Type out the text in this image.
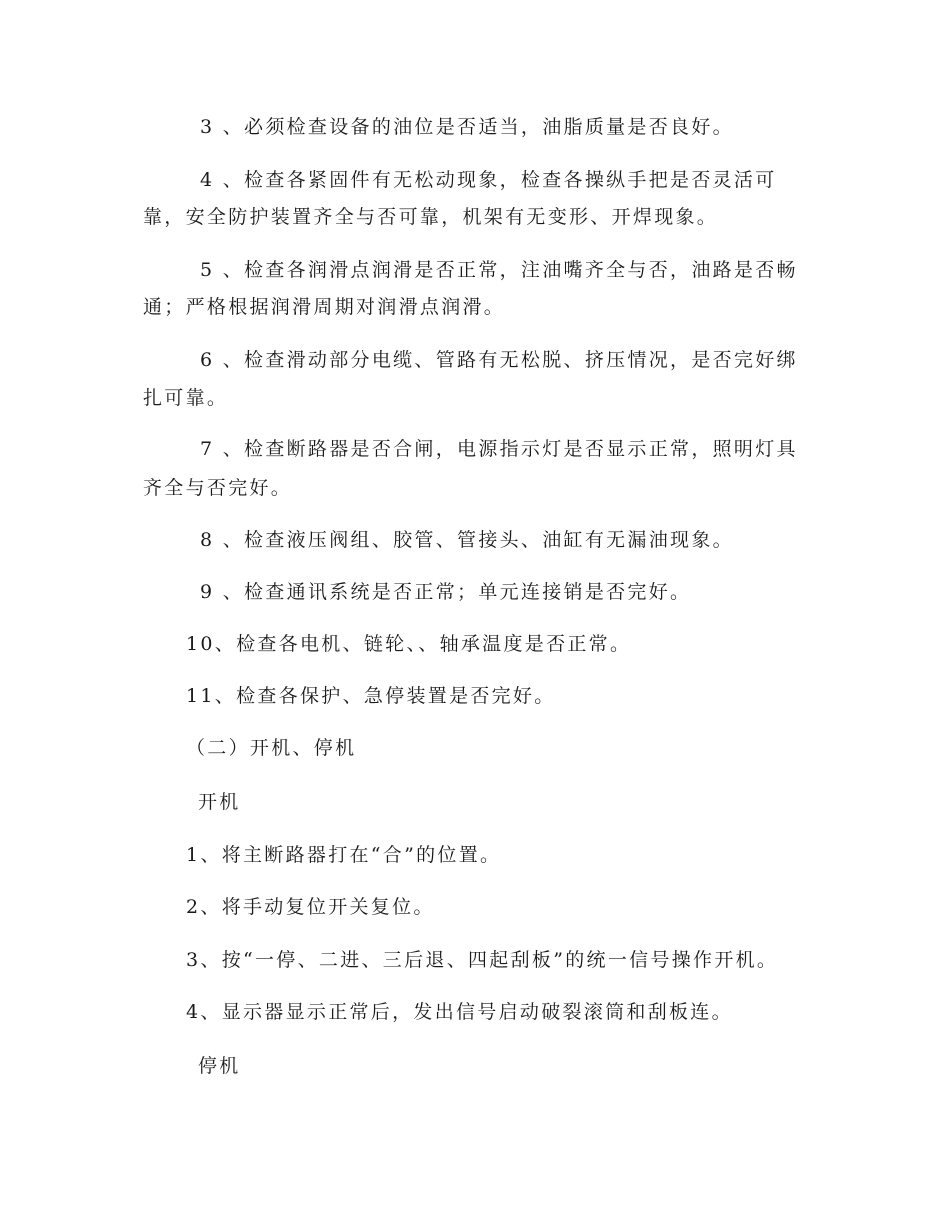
3 、必须检查设备的油位是否适当，油脂质量是否良好。
4 、检查各紧固件有无松动现象，检查各操纵手把是否灵活可
靠，安全防护装置齐全与否可靠，机架有无变形、开焊现象。
5 、检查各润滑点润滑是否正常，注油嘴齐全与否，油路是否畅
通；严格根据润滑周期对润滑点润滑。
6 、检查滑动部分电缆、管路有无松脱、挤压情况，是否完好绑
扎可靠。
7 、检查断路器是否合闸，电源指示灯是否显示正常，照明灯具
齐全与否完好。
8 、检查液压阀组、胶管、管接头、油缸有无漏油现象。
9 、检查通讯系统是否正常；单元连接销是否完好。
10、检查各电机、链轮、、轴承温度是否正常。
11、检查各保护、急停装置是否完好。
（二）开机、停机
开机
1、将主断路器打在“合”的位置。
2、将手动复位开关复位。
3、按“一停、二进、三后退、四起刮板”的统一信号操作开机。
4、显示器显示正常后，发出信号启动破裂滚筒和刮板连。
停机
